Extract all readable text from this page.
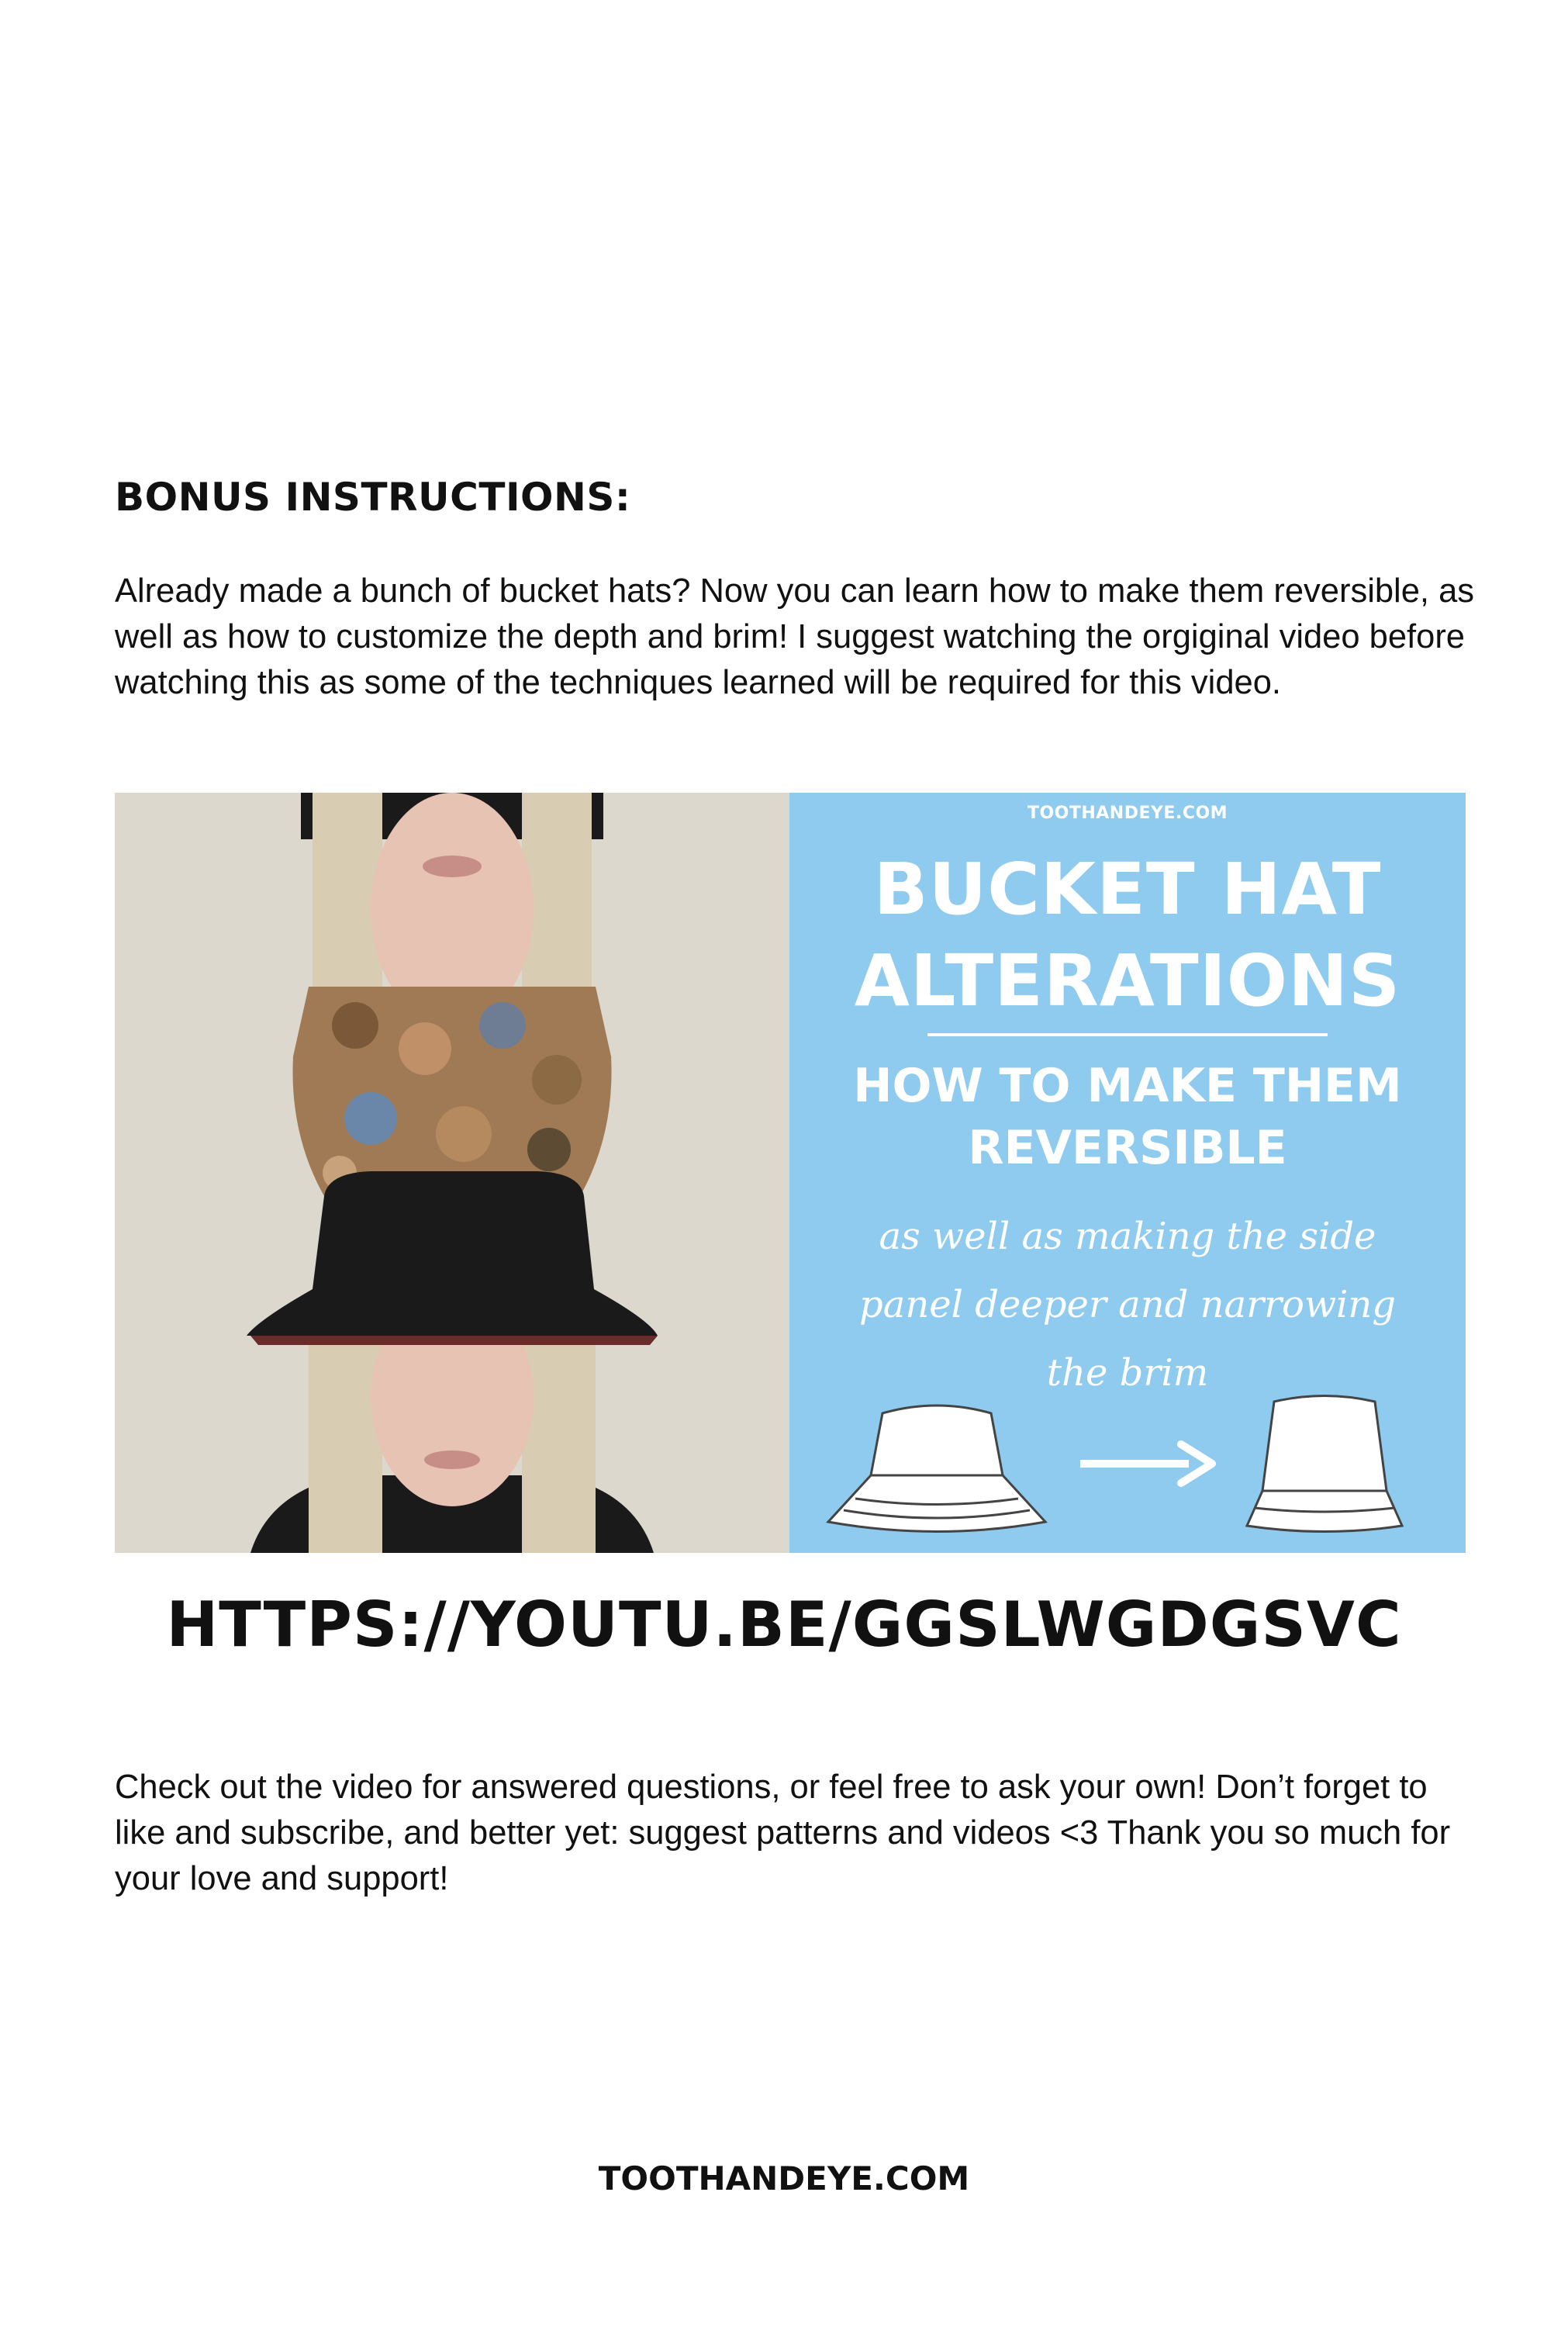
BONUS INSTRUCTIONS:

Already made a bunch of bucket hats? Now you can learn how to make them reversible, as well as how to customize the depth and brim! I suggest watching the orgiginal video before watching this as some of the techniques learned will be required for this video.

TOOTHANDEYE.COM
BUCKET HAT
ALTERATIONS
HOW TO MAKE THEM
REVERSIBLE
as well as making the side
panel deeper and narrowing
the brim
HTTPS://YOUTU.BE/GGSLWGDGSVC

Check out the video for answered questions, or feel free to ask your own! Don’t forget to like and subscribe, and better yet: suggest patterns and videos <3 Thank you so much for your love and support!

TOOTHANDEYE.COM
